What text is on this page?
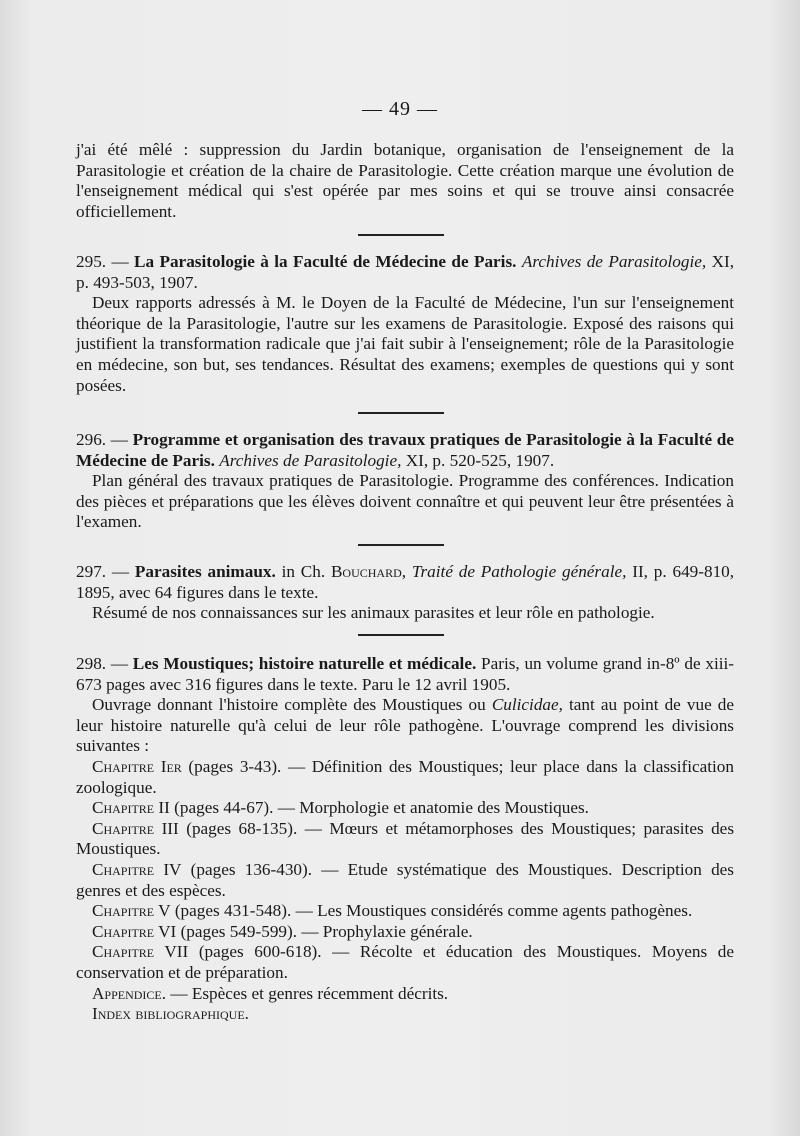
— 49 —

j'ai été mêlé : suppression du Jardin botanique, organisation de l'enseignement de la Parasitologie et création de la chaire de Parasitologie. Cette création marque une évolution de l'enseignement médical qui s'est opérée par mes soins et qui se trouve ainsi consacrée officiellement.

295. — La Parasitologie à la Faculté de Médecine de Paris. Archives de Parasitologie, XI, p. 493-503, 1907.

Deux rapports adressés à M. le Doyen de la Faculté de Médecine, l'un sur l'enseignement théorique de la Parasitologie, l'autre sur les examens de Parasitologie. Exposé des raisons qui justifient la transformation radicale que j'ai fait subir à l'enseignement; rôle de la Parasitologie en médecine, son but, ses tendances. Résultat des examens; exemples de questions qui y sont posées.

296. — Programme et organisation des travaux pratiques de Parasitologie à la Faculté de Médecine de Paris. Archives de Parasitologie, XI, p. 520-525, 1907.

Plan général des travaux pratiques de Parasitologie. Programme des conférences. Indication des pièces et préparations que les élèves doivent connaître et qui peuvent leur être présentées à l'examen.

297. — Parasites animaux. in Ch. Bouchard, Traité de Pathologie générale, II, p. 649-810, 1895, avec 64 figures dans le texte.

Résumé de nos connaissances sur les animaux parasites et leur rôle en pathologie.

298. — Les Moustiques; histoire naturelle et médicale. Paris, un volume grand in-8º de xiii-673 pages avec 316 figures dans le texte. Paru le 12 avril 1905.

Ouvrage donnant l'histoire complète des Moustiques ou Culicidae, tant au point de vue de leur histoire naturelle qu'à celui de leur rôle pathogène. L'ouvrage comprend les divisions suivantes :

Chapitre Ier (pages 3-43). — Définition des Moustiques; leur place dans la classification zoologique.

Chapitre II (pages 44-67). — Morphologie et anatomie des Moustiques.

Chapitre III (pages 68-135). — Mœurs et métamorphoses des Moustiques; parasites des Moustiques.

Chapitre IV (pages 136-430). — Etude systématique des Moustiques. Description des genres et des espèces.

Chapitre V (pages 431-548). — Les Moustiques considérés comme agents pathogènes.

Chapitre VI (pages 549-599). — Prophylaxie générale.

Chapitre VII (pages 600-618). — Récolte et éducation des Moustiques. Moyens de conservation et de préparation.

Appendice. — Espèces et genres récemment décrits.

Index bibliographique.
